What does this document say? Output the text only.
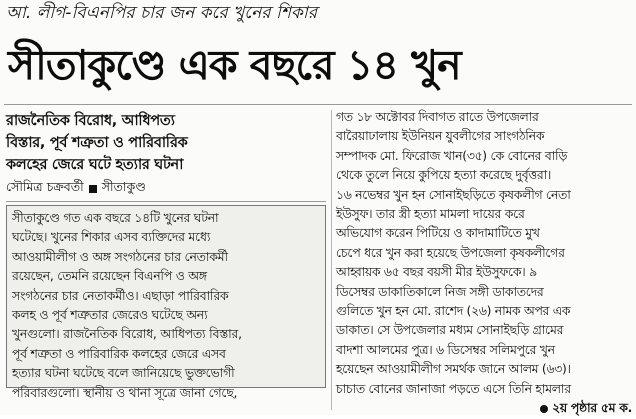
আ. লীগ-বিএনপির চার জন করে খুনের শিকার
সীতাকুণ্ডে এক বছরে ১৪ খুন

রাজনৈতিক বিরোধ, আধিপত্য

বিস্তার, পূর্ব শত্রুতা ও পারিবারিক

কলহের জেরে ঘটে হত্যার ঘটনা

সৌমিত্র চক্রবর্তী সীতাকুণ্ড
সীতাকুণ্ডে গত এক বছরে ১৪টি খুনের ঘটনা
ঘটেছে। খুনের শিকার এসব ব্যক্তিদের মধ্যে
আওয়ামীলীগ ও অঙ্গ সংগঠনের চার নেতাকর্মী
রয়েছেন, তেমনি রয়েছেন বিএনপি ও অঙ্গ
সংগঠনের চার নেতাকর্মীও। এছাড়া পারিবারিক
কলহ ও পূর্ব শত্রুতার জেরেও ঘটেছে অন্য
খুনগুলো। রাজনৈতিক বিরোধ, আধিপত্য বিস্তার,
পূর্ব শত্রুতা ও পারিবারিক কলহের জেরে এসব
হত্যার ঘটনা ঘটেছে বলে জানিয়েছে ভুক্তভোগী
পরিবারগুলো। স্থানীয় ও থানা সূত্রে জানা গেছে,
গত ১৮ অক্টোবর দিবাগত রাতে উপজেলার
বারৈয়াঢালায় ইউনিয়ন যুবলীগের সাংগঠনিক
সম্পাদক মো. ফিরোজ খান(৩৫) কে বোনের বাড়ি
থেকে তুলে নিয়ে কুপিয়ে হত্যা করেছে দুর্বৃত্তরা।
১৬ নভেম্বর খুন হন সোনাইছড়িতে কৃষকলীগ নেতা
ইউসুফ। তার স্ত্রী হত্যা মামলা দায়ের করে
অভিযোগ করেন পিটিয়ে ও কাদামাটিতে মুখ
চেপে ধরে খুন করা হয়েছে উপজেলা কৃষকলীগের
আহ্বায়ক ৬৫ বছর বয়সী মীর ইউসুফকে। ৯
ডিসেম্বর ডাকাতিকালে নিজ সঙ্গী ডাকাতদের
গুলিতে খুন হন মো. রাশেদ (২৬) নামক অপর এক
ডাকাত। সে উপজেলার মধ্যম সোনাইছড়ি গ্রামের
বাদশা আলমের পুত্র। ৬ ডিসেম্বর সলিমপুরে খুন
হয়েছেন আওয়ামীলীগ সমর্থক জানে আলম (৬৩)।
চাচাত বোনের জানাজা পড়তে এসে তিনি হামলার
২য় পৃষ্ঠার ৫ম ক.
